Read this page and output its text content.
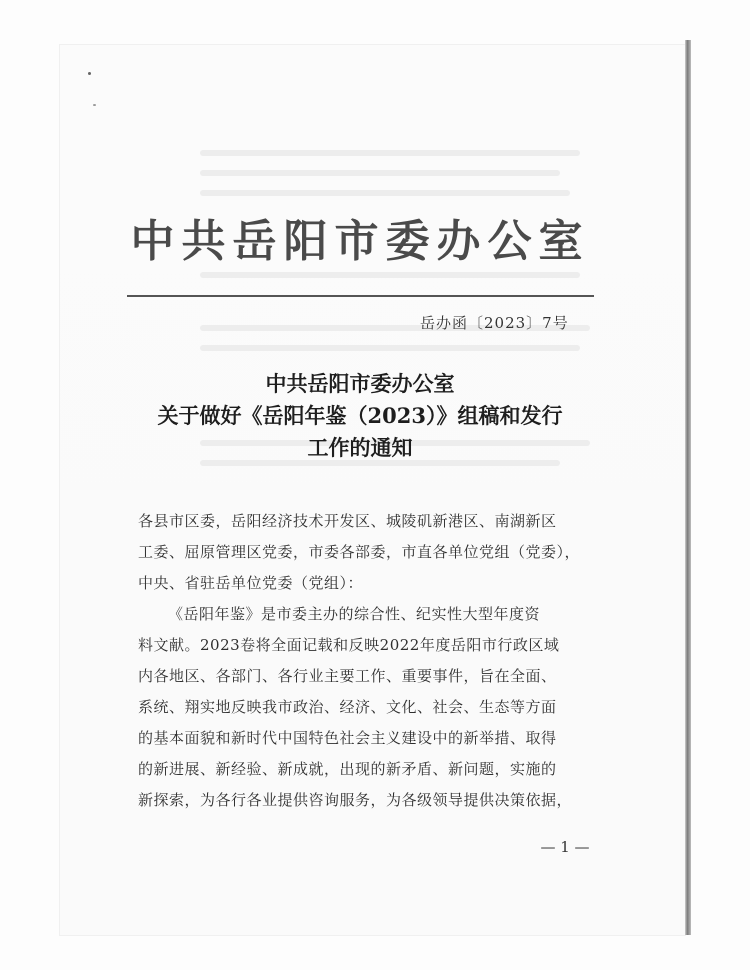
中共岳阳市委办公室
岳办函〔2023〕7号
中共岳阳市委办公室
关于做好《岳阳年鉴（2023）》组稿和发行
工作的通知
各县市区委，岳阳经济技术开发区、城陵矶新港区、南湖新区
工委、屈原管理区党委，市委各部委，市直各单位党组（党委），
中央、省驻岳单位党委（党组）：
《岳阳年鉴》是市委主办的综合性、纪实性大型年度资
料文献。2023卷将全面记载和反映2022年度岳阳市行政区域
内各地区、各部门、各行业主要工作、重要事件，旨在全面、
系统、翔实地反映我市政治、经济、文化、社会、生态等方面
的基本面貌和新时代中国特色社会主义建设中的新举措、取得
的新进展、新经验、新成就，出现的新矛盾、新问题，实施的
新探索，为各行各业提供咨询服务，为各级领导提供决策依据，
— 1 —
